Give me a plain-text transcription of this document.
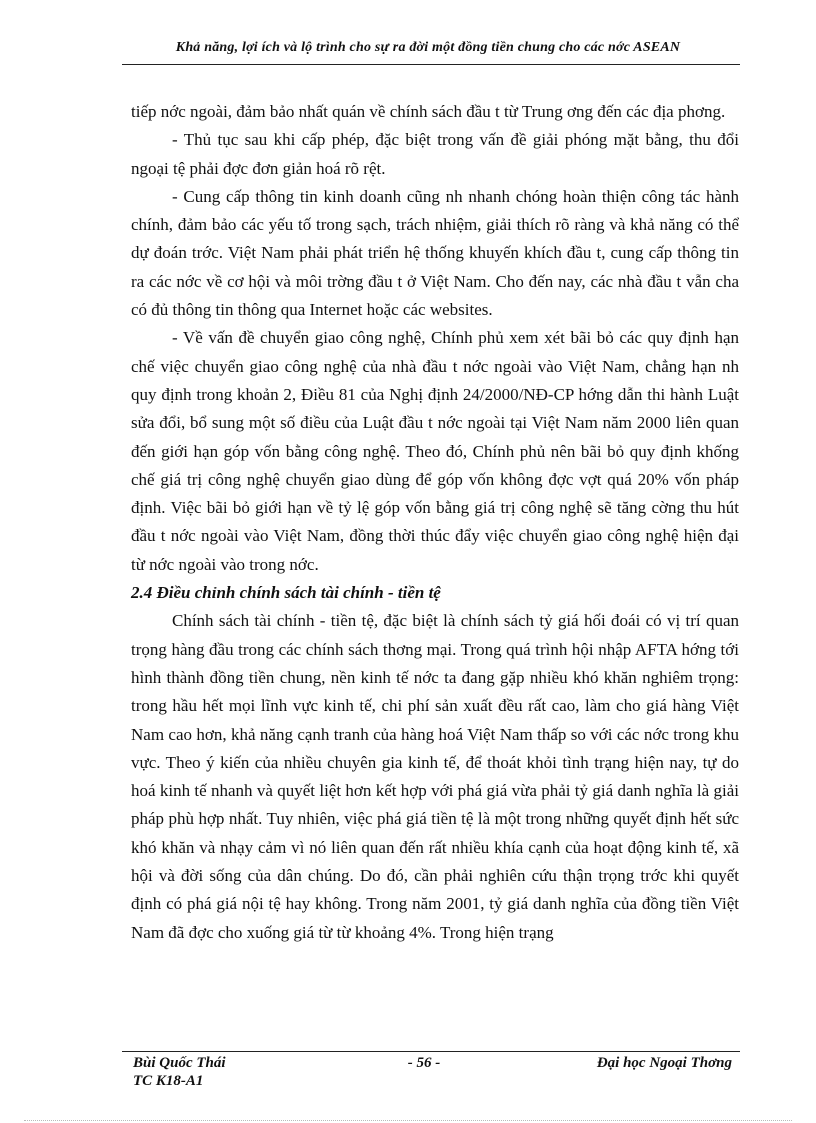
Khả năng, lợi ích và lộ trình cho sự ra đời một đồng tiền chung cho các nớc ASEAN

tiếp nớc ngoài, đảm bảo nhất quán về chính sách đầu t từ Trung ơng đến các địa phơng.

- Thủ tục sau khi cấp phép, đặc biệt trong vấn đề giải phóng mặt bằng, thu đổi ngoại tệ phải đợc đơn giản hoá rõ rệt.

- Cung cấp thông tin kinh doanh cũng nh nhanh chóng hoàn thiện công tác hành chính, đảm bảo các yếu tố trong sạch, trách nhiệm, giải thích rõ ràng và khả năng có thể dự đoán trớc. Việt Nam phải phát triển hệ thống khuyến khích đầu t, cung cấp thông tin ra các nớc về cơ hội và môi trờng đầu t ở Việt Nam. Cho đến nay, các nhà đầu t vẫn cha có đủ thông tin thông qua Internet hoặc các websites.

- Về vấn đề chuyển giao công nghệ, Chính phủ xem xét bãi bỏ các quy định hạn chế việc chuyển giao công nghệ của nhà đầu t nớc ngoài vào Việt Nam, chẳng hạn nh quy định trong khoản 2, Điều 81 của Nghị định 24/2000/NĐ-CP hớng dẫn thi hành Luật sửa đổi, bổ sung một số điều của Luật đầu t nớc ngoài tại Việt Nam năm 2000 liên quan đến giới hạn góp vốn bằng công nghệ. Theo đó, Chính phủ nên bãi bỏ quy định khống chế giá trị công nghệ chuyển giao dùng để góp vốn không đợc vợt quá 20% vốn pháp định. Việc bãi bỏ giới hạn về tỷ lệ góp vốn bằng giá trị công nghệ sẽ tăng cờng thu hút đầu t nớc ngoài vào Việt Nam, đồng thời thúc đẩy việc chuyển giao công nghệ hiện đại từ nớc ngoài vào trong nớc.

2.4 Điều chỉnh chính sách tài chính - tiền tệ

Chính sách tài chính - tiền tệ, đặc biệt là chính sách tỷ giá hối đoái có vị trí quan trọng hàng đầu trong các chính sách thơng mại. Trong quá trình hội nhập AFTA hớng tới hình thành đồng tiền chung, nền kinh tế nớc ta đang gặp nhiều khó khăn nghiêm trọng: trong hầu hết mọi lĩnh vực kinh tế, chi phí sản xuất đều rất cao, làm cho giá hàng Việt Nam cao hơn, khả năng cạnh tranh của hàng hoá Việt Nam thấp so với các nớc trong khu vực. Theo ý kiến của nhiều chuyên gia kinh tế, để thoát khỏi tình trạng hiện nay, tự do hoá kinh tế nhanh và quyết liệt hơn kết hợp với phá giá vừa phải tỷ giá danh nghĩa là giải pháp phù hợp nhất. Tuy nhiên, việc phá giá tiền tệ là một trong những quyết định hết sức khó khăn và nhạy cảm vì nó liên quan đến rất nhiều khía cạnh của hoạt động kinh tế, xã hội và đời sống của dân chúng. Do đó, cần phải nghiên cứu thận trọng trớc khi quyết định có phá giá nội tệ hay không. Trong năm 2001, tỷ giá danh nghĩa của đồng tiền Việt Nam đã đợc cho xuống giá từ từ khoảng 4%. Trong hiện trạng

Bùi Quốc Thái
TC K18-A1
- 56 -	Đại học Ngoại Thơng
